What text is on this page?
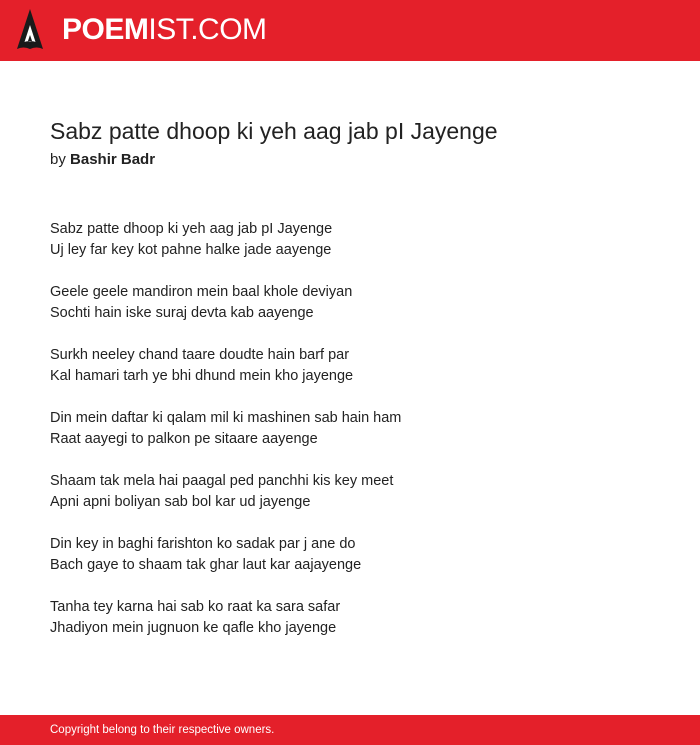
POEMIST.COM
Sabz patte dhoop ki yeh aag jab pI Jayenge
by Bashir Badr
Sabz patte dhoop ki yeh aag jab pI Jayenge
Uj ley far key kot pahne halke jade aayenge
Geele geele mandiron mein baal khole deviyan
Sochti hain iske suraj devta kab aayenge
Surkh neeley chand taare doudte hain barf par
Kal hamari tarh ye bhi dhund mein kho jayenge
Din mein daftar ki qalam mil ki mashinen sab hain ham
Raat aayegi to palkon pe sitaare aayenge
Shaam tak mela hai paagal ped panchhi kis key meet
Apni apni boliyan sab bol kar ud jayenge
Din key in baghi farishton ko sadak par j ane do
Bach gaye to shaam tak ghar laut kar aajayenge
Tanha tey karna hai sab ko raat ka sara safar
Jhadiyon mein jugnuon ke qafle kho jayenge
Copyright belong to their respective owners.
